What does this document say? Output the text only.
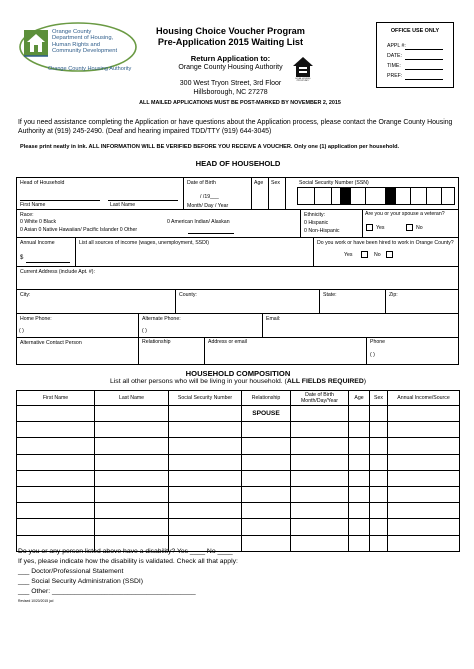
Orange County
Department of Housing,
Human Rights and
Community Development
Orange County Housing Authority
Housing Choice Voucher Program
Pre-Application 2015 Waiting List
Return Application to:
Orange County Housing Authority
300 West Tryon Street, 3rd Floor
Hillsborough, NC 27278
EQUAL HOUSING OPPORTUNITY
ALL MAILED APPLICATIONS MUST BE POST-MARKED BY NOVEMBER 2, 2015
OFFICE USE ONLY
APPL #:
DATE:
TIME:
PREF:
If you need assistance completing the Application or have questions about the Application process, please contact the Orange County Housing Authority at (919) 245-2490. (Deaf and hearing impaired TDD/TTY (919) 644-3045)
Please print neatly in ink. ALL INFORMATION WILL BE VERIFIED BEFORE YOU RECEIVE A VOUCHER. Only one (1) application per household.
HEAD OF HOUSEHOLD
Head of Household
First Name	Last Name
Date of Birth
/ /19___
Month/ Day / Year
Age Sex	Social Security Number (SSN)
Race:
0 White 0 Black	0 American Indian/ Alaskan
0 Asian 0 Native Hawaiian/ Pacific Islander 0 Other
Ethnicity:
0 Hispanic
0 Non-Hispanic
Are you or your spouse a veteran?
Yes	No
Annual Income
$
List all sources of income (wages, unemployment, SSDI)	Do you work or have been hired to work in Orange County?
Yes	No
Current Address (include Apt. #):
City:	County:	State:	Zip:
Home Phone:
( )
Alternate Phone:
( )
Email:
Alternative Contact Person	Relationship	Address or email	Phone
( )
HOUSEHOLD COMPOSITION
List all other persons who will be living in your household. (ALL FIELDS REQUIRED)
First Name	Last Name	Social Security Number	Relationship	Date of Birth Month/Day/Year	Age	Sex	Annual Income/Source
			SPOUSE				

Do you or any person listed above have a disability? Yes ____ No ____
If yes, please indicate how the disability is validated. Check all that apply:
___ Doctor/Professional Statement
___ Social Security Administration (SSDI)
___ Other: ______________________________________
Revised 10/20/2015 jcd
